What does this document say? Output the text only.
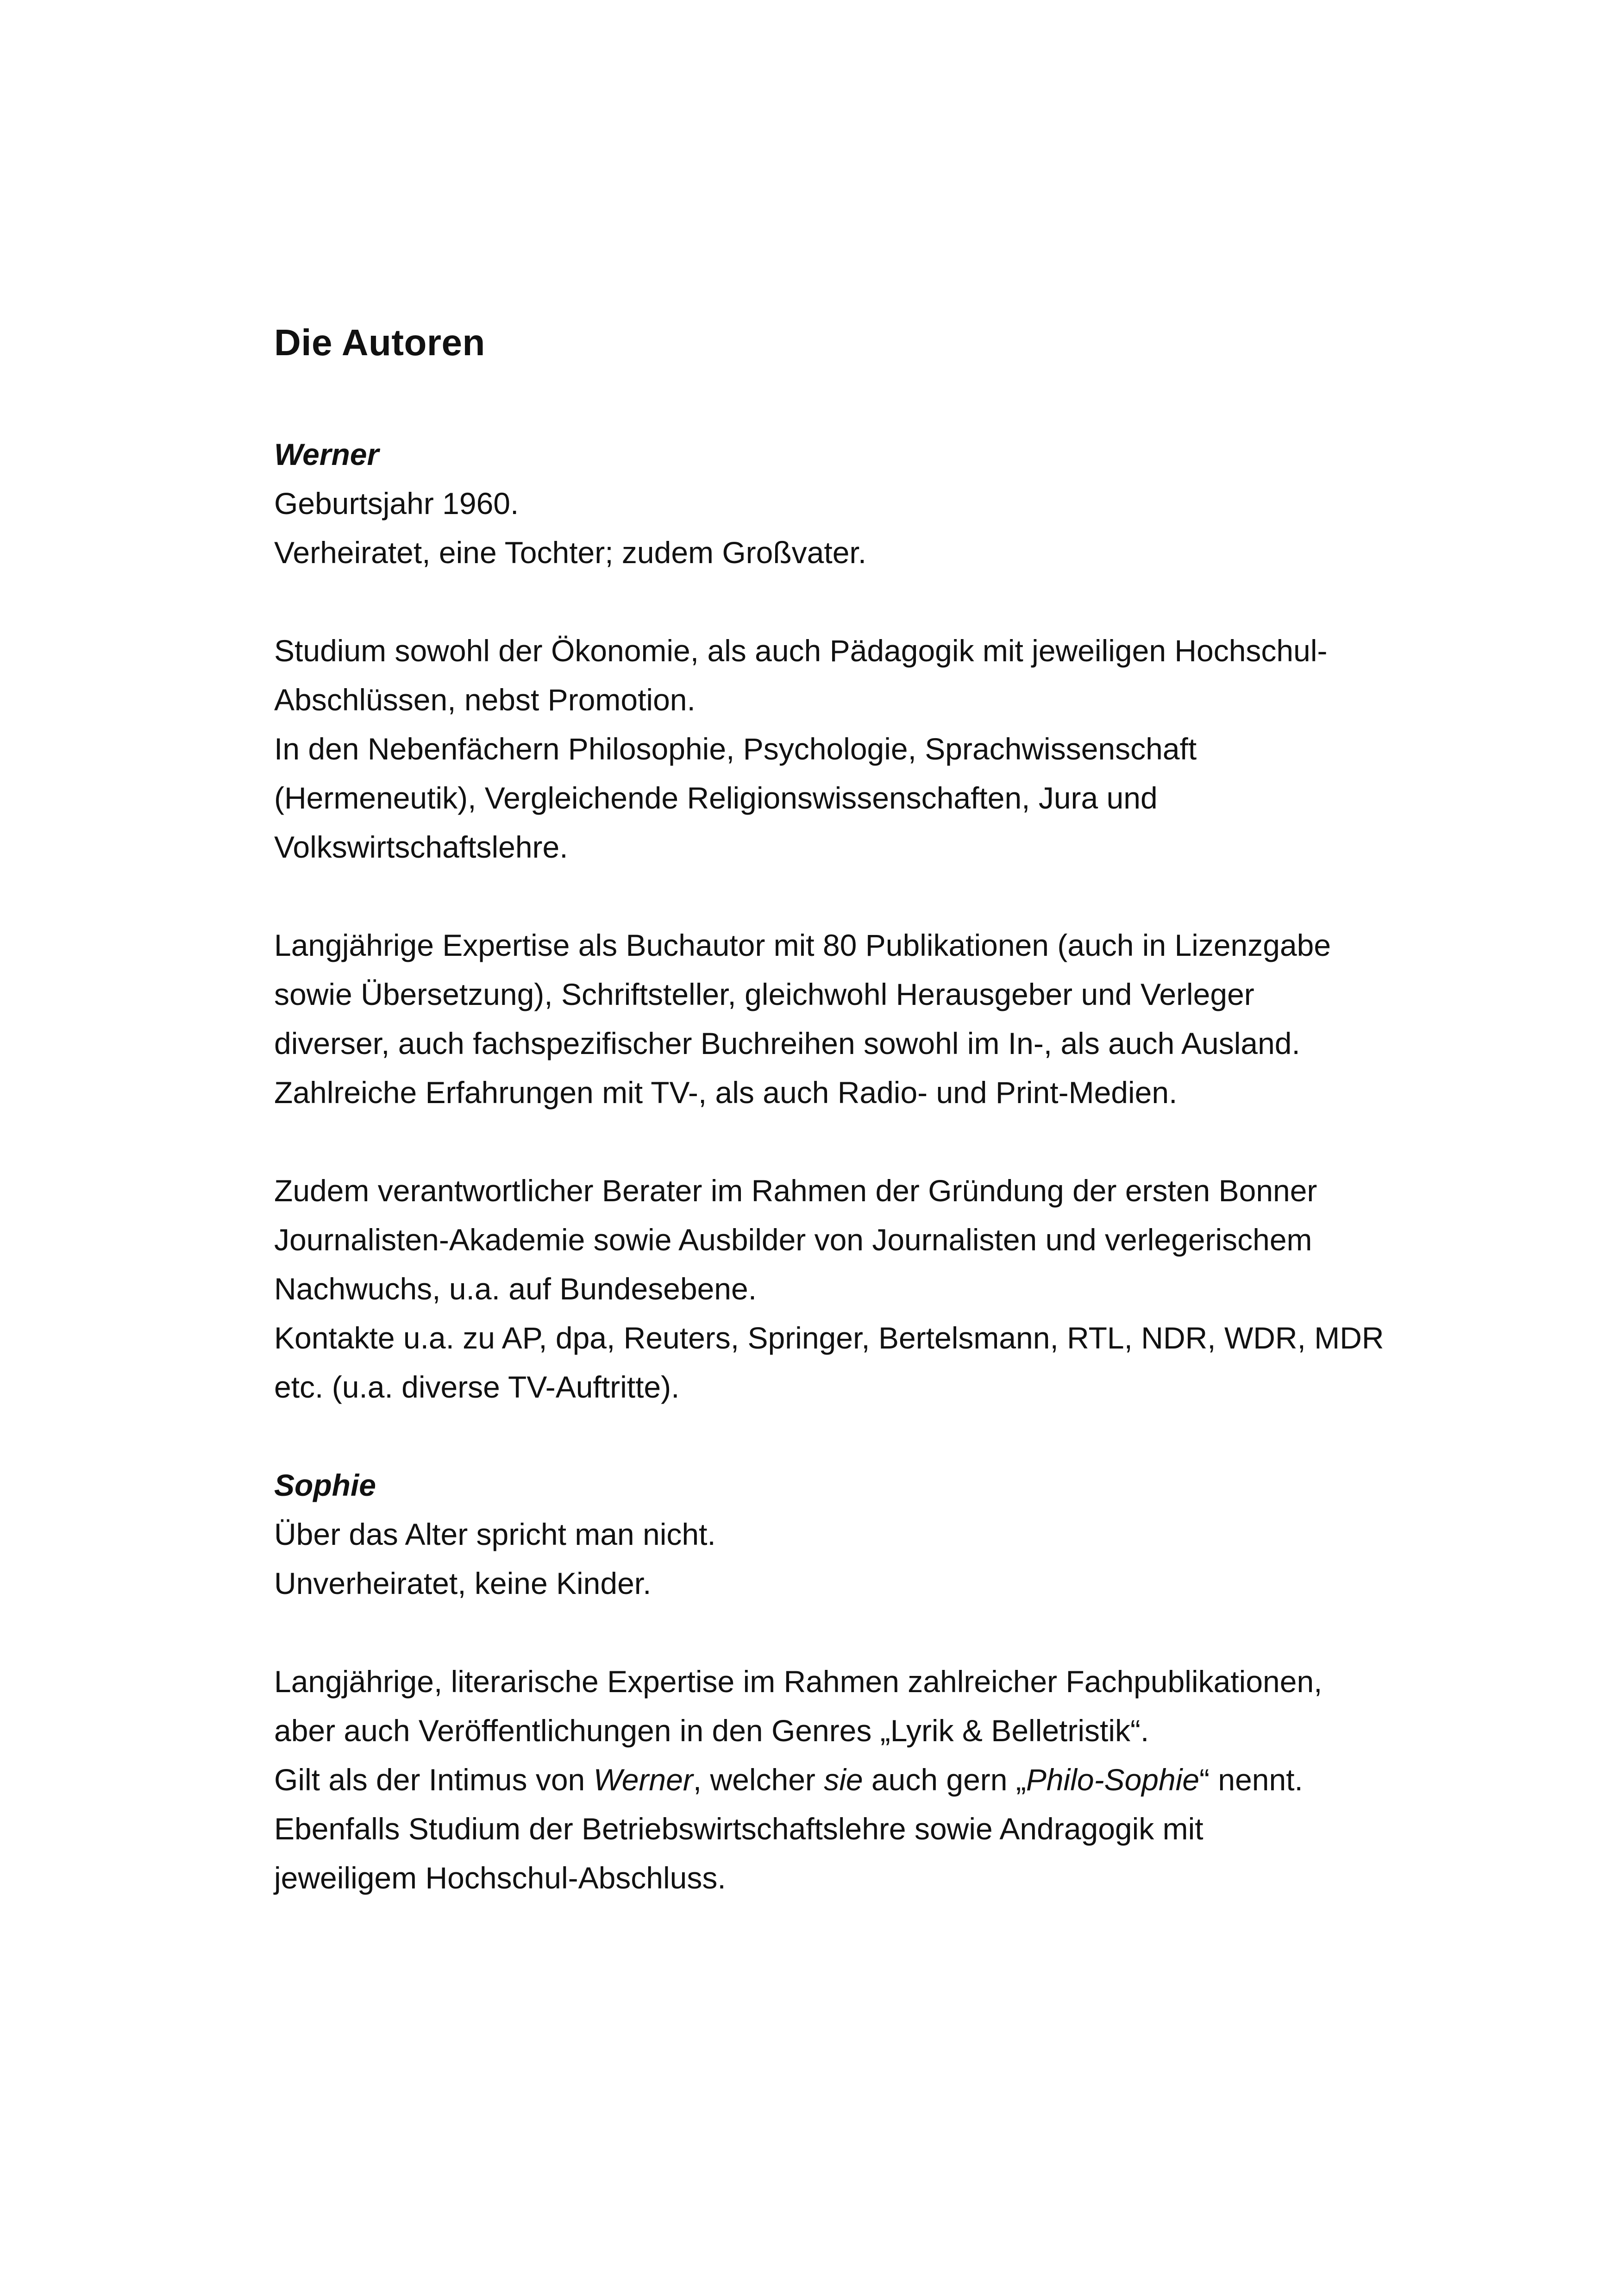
Die Autoren
Werner
Geburtsjahr 1960.
Verheiratet, eine Tochter; zudem Großvater.
Studium sowohl der Ökonomie, als auch Pädagogik mit jeweiligen Hochschul-
Abschlüssen, nebst Promotion.
In den Nebenfächern Philosophie, Psychologie, Sprachwissenschaft
(Hermeneutik), Vergleichende Religionswissenschaften, Jura und
Volkswirtschaftslehre.
Langjährige Expertise als Buchautor mit 80 Publikationen (auch in Lizenzgabe
sowie Übersetzung), Schriftsteller, gleichwohl Herausgeber und Verleger
diverser, auch fachspezifischer Buchreihen sowohl im In-, als auch Ausland.
Zahlreiche Erfahrungen mit TV-, als auch Radio- und Print-Medien.
Zudem verantwortlicher Berater im Rahmen der Gründung der ersten Bonner
Journalisten-Akademie sowie Ausbilder von Journalisten und verlegerischem
Nachwuchs, u.a. auf Bundesebene.
Kontakte u.a. zu AP, dpa, Reuters, Springer, Bertelsmann, RTL, NDR, WDR, MDR
etc. (u.a. diverse TV-Auftritte).
Sophie
Über das Alter spricht man nicht.
Unverheiratet, keine Kinder.
Langjährige, literarische Expertise im Rahmen zahlreicher Fachpublikationen,
aber auch Veröffentlichungen in den Genres „Lyrik & Belletristik“.
Gilt als der Intimus von Werner, welcher sie auch gern „Philo-Sophie“ nennt.
Ebenfalls Studium der Betriebswirtschaftslehre sowie Andragogik mit
jeweiligem Hochschul-Abschluss.
